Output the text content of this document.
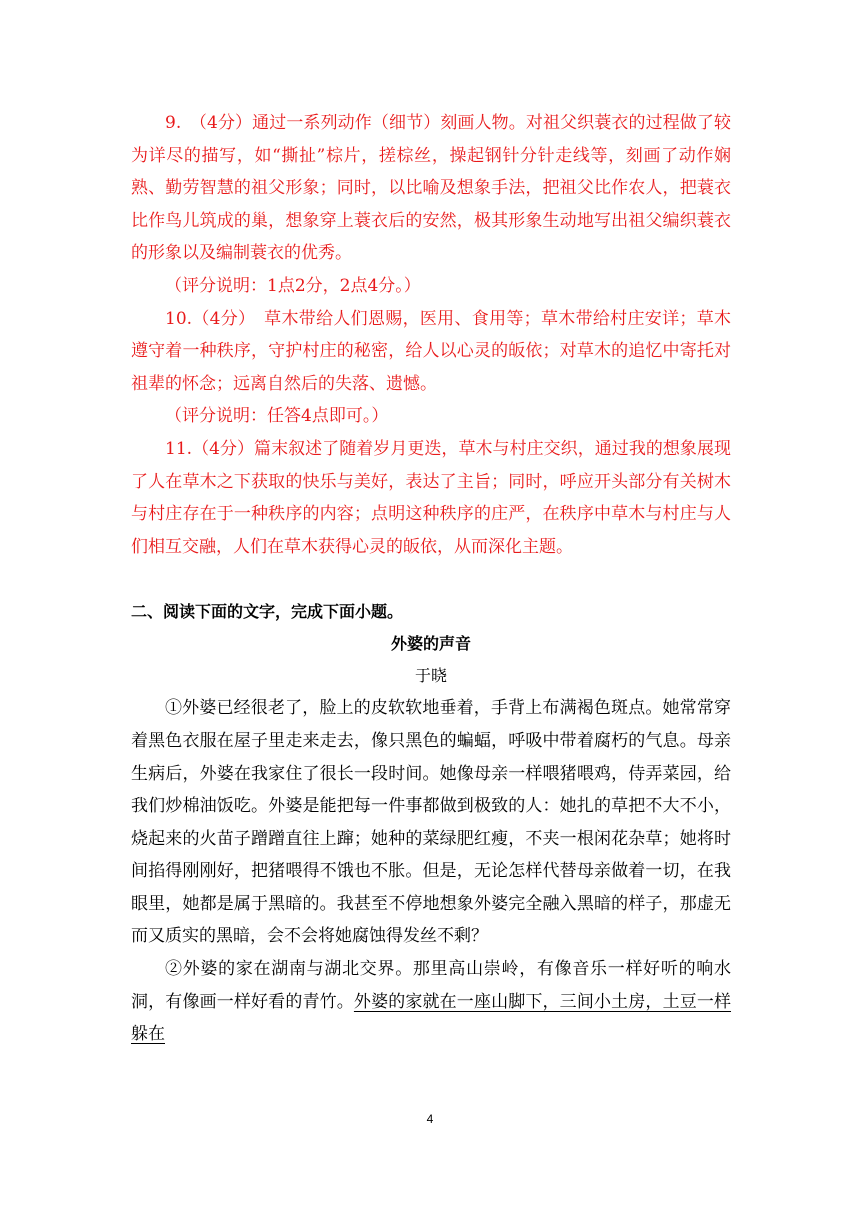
9.　（4分）通过一系列动作（细节）刻画人物。对祖父织蓑衣的过程做了较为详尽的描写，如“撕扯”棕片，搓棕丝，操起钢针分针走线等，刻画了动作娴熟、勤劳智慧的祖父形象；同时，以比喻及想象手法，把祖父比作农人，把蓑衣比作鸟儿筑成的巢，想象穿上蓑衣后的安然，极其形象生动地写出祖父编织蓑衣的形象以及编制蓑衣的优秀。

（评分说明：1点2分，2点4分。）

10.（4分）　草木带给人们恩赐，医用、食用等；草木带给村庄安详；草木遵守着一种秩序，守护村庄的秘密，给人以心灵的皈依；对草木的追忆中寄托对祖辈的怀念；远离自然后的失落、遗憾。

（评分说明：任答4点即可。）

11.（4分）篇末叙述了随着岁月更迭，草木与村庄交织，通过我的想象展现了人在草木之下获取的快乐与美好，表达了主旨；同时，呼应开头部分有关树木与村庄存在于一种秩序的内容；点明这种秩序的庄严，在秩序中草木与村庄与人们相互交融，人们在草木获得心灵的皈依，从而深化主题。

二、阅读下面的文字，完成下面小题。

外婆的声音

于晓

①外婆已经很老了，脸上的皮软软地垂着，手背上布满褐色斑点。她常常穿着黑色衣服在屋子里走来走去，像只黑色的蝙蝠，呼吸中带着腐朽的气息。母亲生病后，外婆在我家住了很长一段时间。她像母亲一样喂猪喂鸡，侍弄菜园，给我们炒棉油饭吃。外婆是能把每一件事都做到极致的人：她扎的草把不大不小，烧起来的火苗子蹭蹭直往上蹿；她种的菜绿肥红瘦，不夹一根闲花杂草；她将时间掐得刚刚好，把猪喂得不饿也不胀。但是，无论怎样代替母亲做着一切，在我眼里，她都是属于黑暗的。我甚至不停地想象外婆完全融入黑暗的样子，那虚无而又质实的黑暗，会不会将她腐蚀得发丝不剩？

②外婆的家在湖南与湖北交界。那里高山崇岭，有像音乐一样好听的响水洞，有像画一样好看的青竹。外婆的家就在一座山脚下，三间小土房，土豆一样躲在

4
